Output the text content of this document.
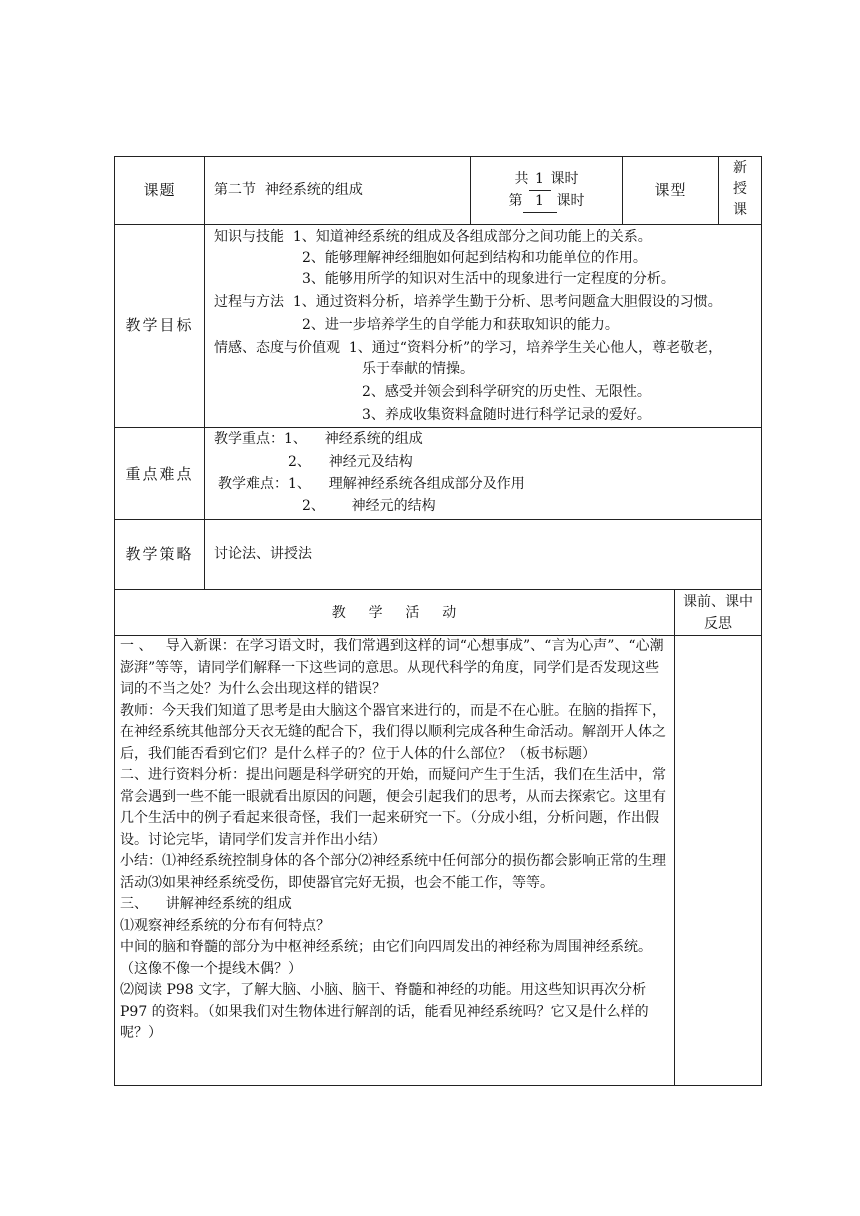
课题	第二节  神经系统的组成
共 1 课时
第 1 课时
课型
新
授
课
教学目标
知识与技能  1、知道神经系统的组成及各组成部分之间功能上的关系。
2、能够理解神经细胞如何起到结构和功能单位的作用。
3、能够用所学的知识对生活中的现象进行一定程度的分析。
过程与方法  1、通过资料分析，培养学生勤于分析、思考问题盒大胆假设的习惯。
2、进一步培养学生的自学能力和获取知识的能力。
情感、态度与价值观  1、通过“资料分析”的学习，培养学生关心他人，尊老敬老，
乐于奉献的情操。
2、感受并领会到科学研究的历史性、无限性。
3、养成收集资料盒随时进行科学记录的爱好。
重点难点
教学重点：1、    神经系统的组成
2、    神经元及结构
教学难点：1、    理解神经系统各组成部分及作用
2、      神经元的结构
教学策略	讨论法、讲授法
教    学    活    动
课前、课中反思
一 、   导入新课：在学习语文时，我们常遇到这样的词“心想事成”、“言为心声”、“心潮澎湃”等等，请同学们解释一下这些词的意思。从现代科学的角度，同学们是否发现这些词的不当之处？为什么会出现这样的错误？
教师：今天我们知道了思考是由大脑这个器官来进行的，而是不在心脏。在脑的指挥下，在神经系统其他部分天衣无缝的配合下，我们得以顺利完成各种生命活动。解剖开人体之后，我们能否看到它们？是什么样子的？位于人体的什么部位？（板书标题）
二、进行资料分析：提出问题是科学研究的开始，而疑问产生于生活，我们在生活中，常常会遇到一些不能一眼就看出原因的问题，便会引起我们的思考，从而去探索它。这里有几个生活中的例子看起来很奇怪，我们一起来研究一下。（分成小组，分析问题，作出假设。讨论完毕，请同学们发言并作出小结）
小结：⑴神经系统控制身体的各个部分⑵神经系统中任何部分的损伤都会影响正常的生理活动⑶如果神经系统受伤，即使器官完好无损，也会不能工作，等等。
三、    讲解神经系统的组成
⑴观察神经系统的分布有何特点？
中间的脑和脊髓的部分为中枢神经系统；由它们向四周发出的神经称为周围神经系统。（这像不像一个提线木偶？）
⑵阅读 P98 文字，了解大脑、小脑、脑干、脊髓和神经的功能。用这些知识再次分析 P97 的资料。（如果我们对生物体进行解剖的话，能看见神经系统吗？它又是什么样的呢？）
